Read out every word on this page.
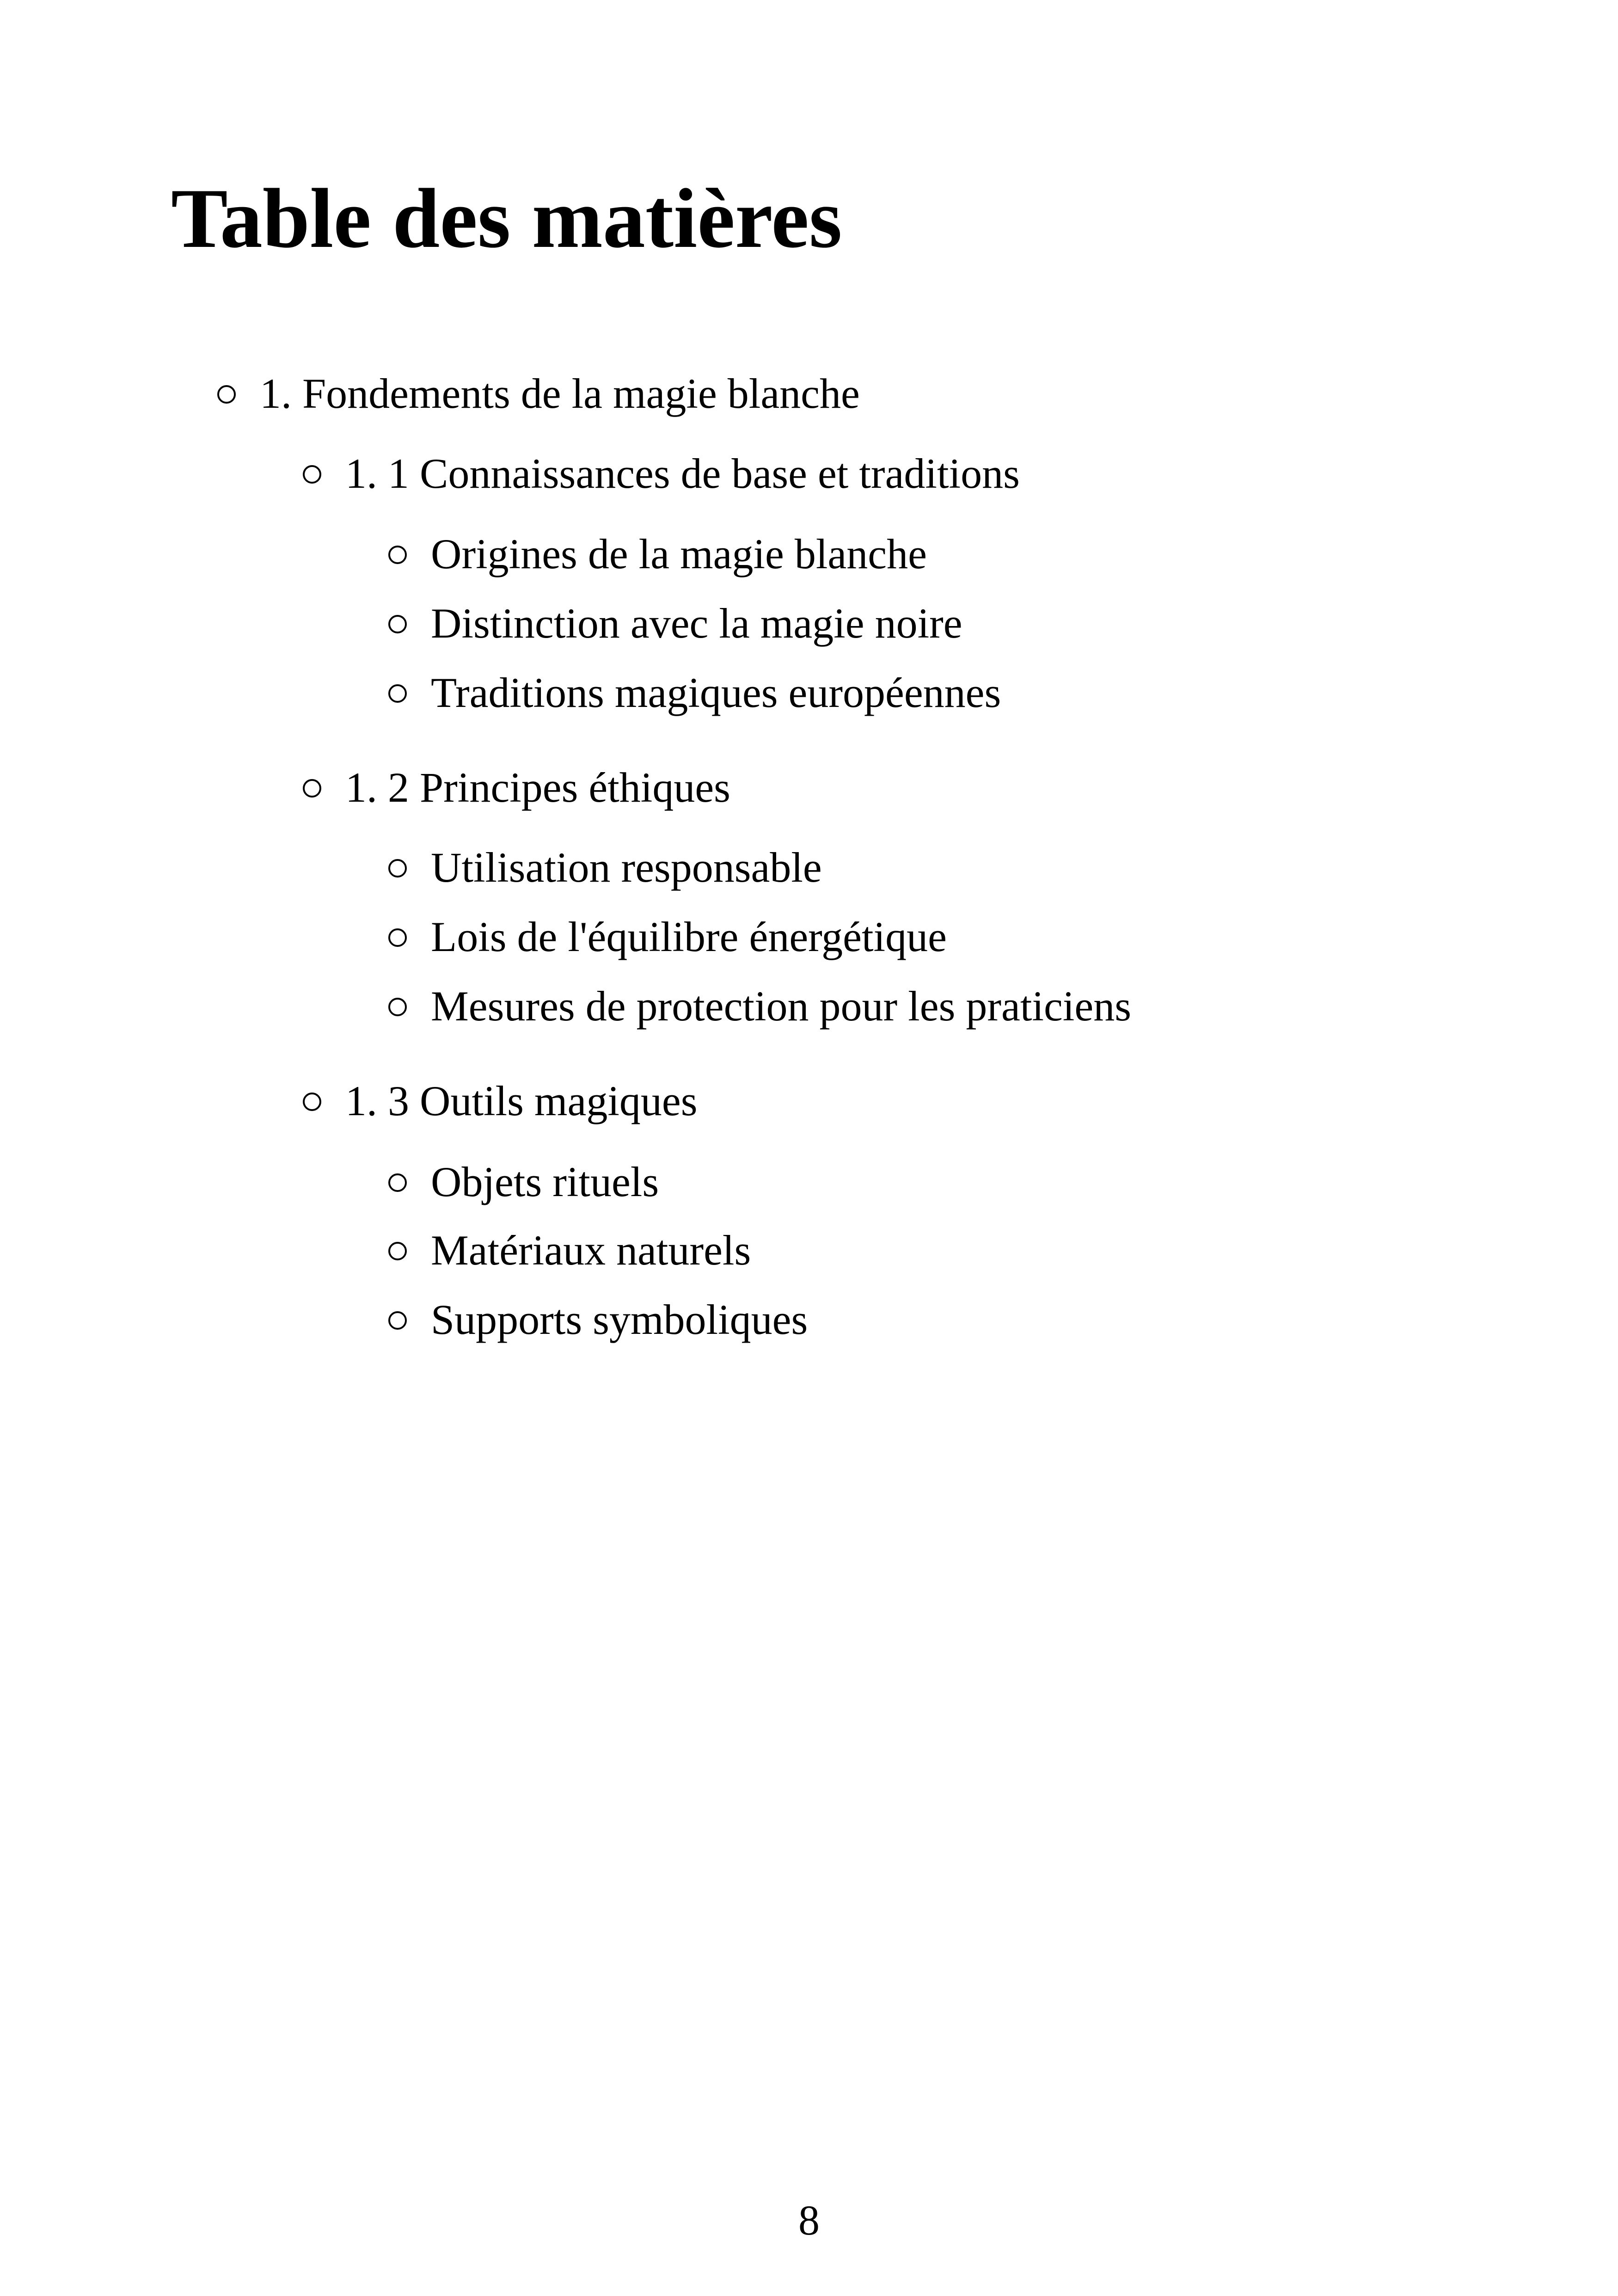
Table des matières
1. Fondements de la magie blanche
1. 1 Connaissances de base et traditions
Origines de la magie blanche
Distinction avec la magie noire
Traditions magiques européennes
1. 2 Principes éthiques
Utilisation responsable
Lois de l'équilibre énergétique
Mesures de protection pour les praticiens
1. 3 Outils magiques
Objets rituels
Matériaux naturels
Supports symboliques
8
